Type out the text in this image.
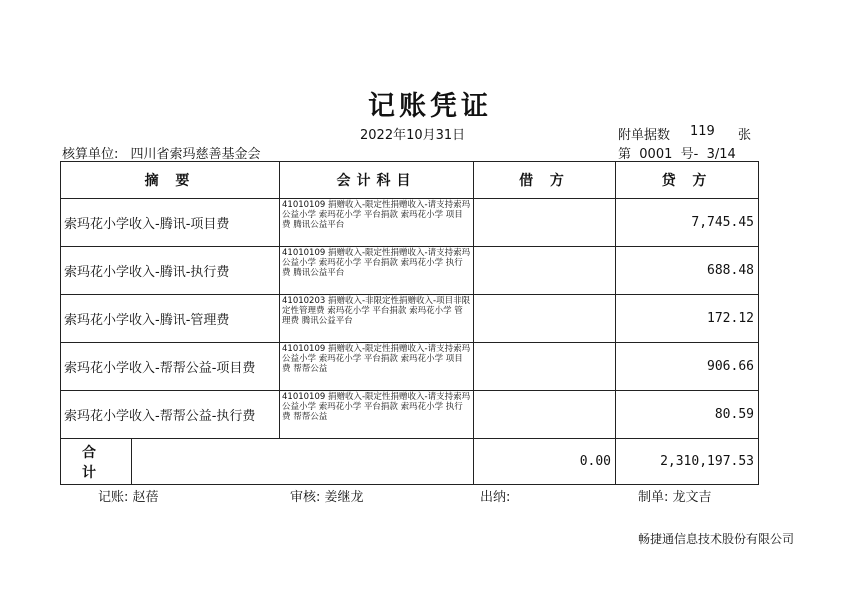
记账凭证
2022年10月31日	附单据数 119 张
核算单位: 四川省索玛慈善基金会	第 0001 号- 3/14
摘 要	会计科目	借 方	贷 方
索玛花小学收入-腾讯-项目费	41010109 捐赠收入-限定性捐赠收入-请支持索玛公益小学 索玛花小学 平台捐款 索玛花小学 项目费 腾讯公益平台		7,745.45
索玛花小学收入-腾讯-执行费	41010109 捐赠收入-限定性捐赠收入-请支持索玛公益小学 索玛花小学 平台捐款 索玛花小学 执行费 腾讯公益平台		688.48
索玛花小学收入-腾讯-管理费	41010203 捐赠收入-非限定性捐赠收入-项目非限定性管理费 索玛花小学 平台捐款 索玛花小学 管理费 腾讯公益平台		172.12
索玛花小学收入-帮帮公益-项目费	41010109 捐赠收入-限定性捐赠收入-请支持索玛公益小学 索玛花小学 平台捐款 索玛花小学 项目费 帮帮公益		906.66
索玛花小学收入-帮帮公益-执行费	41010109 捐赠收入-限定性捐赠收入-请支持索玛公益小学 索玛花小学 平台捐款 索玛花小学 执行费 帮帮公益		80.59

合 计		0.00	2,310,197.53
记账: 赵蓓	审核: 姜继龙	出纳:	制单: 龙文吉
畅捷通信息技术股份有限公司
